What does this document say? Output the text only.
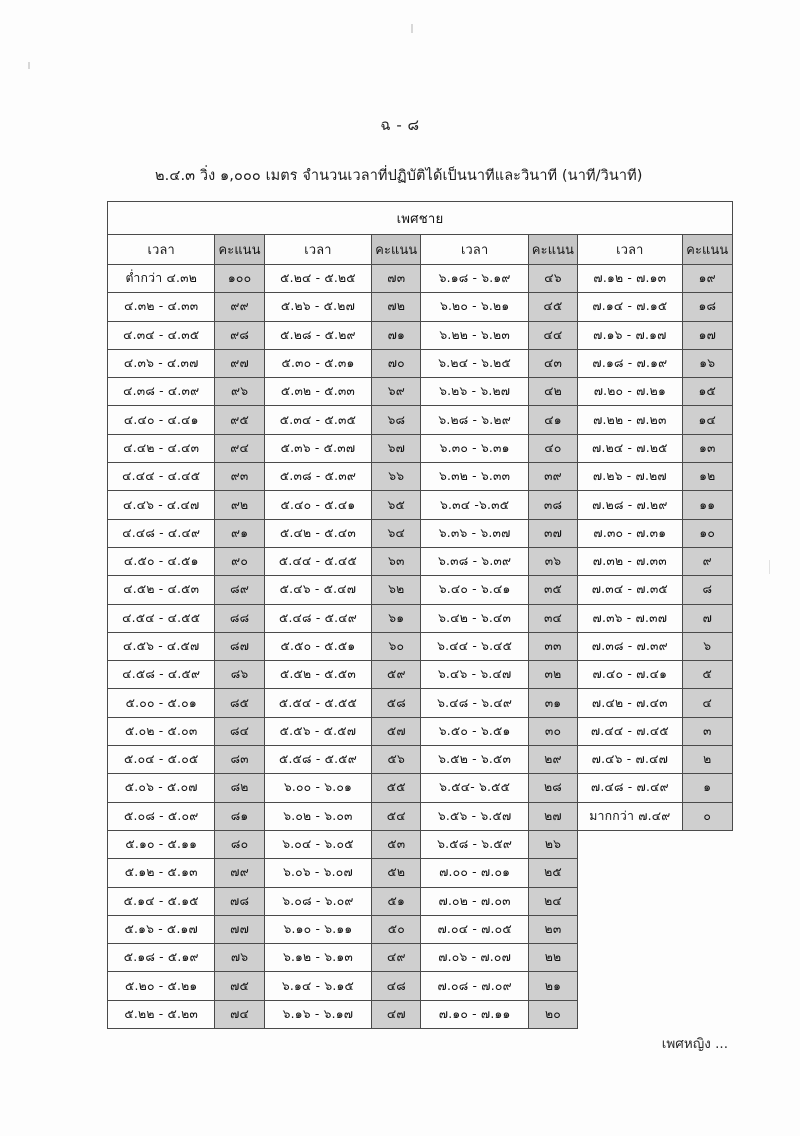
ฉ - ๘
๒.๔.๓ วิ่ง ๑,๐๐๐ เมตร จำนวนเวลาที่ปฏิบัติได้เป็นนาทีและวินาที (นาที/วินาที)
เพศชาย							
เวลา	คะแนน	เวลา	คะแนน	เวลา	คะแนน	เวลา	คะแนน
ต่ำกว่า ๔.๓๒	๑๐๐	๕.๒๔ - ๕.๒๕	๗๓	๖.๑๘ - ๖.๑๙	๔๖	๗.๑๒ - ๗.๑๓	๑๙
๔.๓๒ - ๔.๓๓	๙๙	๕.๒๖ - ๕.๒๗	๗๒	๖.๒๐ - ๖.๒๑	๔๕	๗.๑๔ - ๗.๑๕	๑๘
๔.๓๔ - ๔.๓๕	๙๘	๕.๒๘ - ๕.๒๙	๗๑	๖.๒๒ - ๖.๒๓	๔๔	๗.๑๖ - ๗.๑๗	๑๗
๔.๓๖ - ๔.๓๗	๙๗	๕.๓๐ - ๕.๓๑	๗๐	๖.๒๔ - ๖.๒๕	๔๓	๗.๑๘ - ๗.๑๙	๑๖
๔.๓๘ - ๔.๓๙	๙๖	๕.๓๒ - ๕.๓๓	๖๙	๖.๒๖ - ๖.๒๗	๔๒	๗.๒๐ - ๗.๒๑	๑๕
๔.๔๐ - ๔.๔๑	๙๕	๕.๓๔ - ๕.๓๕	๖๘	๖.๒๘ - ๖.๒๙	๔๑	๗.๒๒ - ๗.๒๓	๑๔
๔.๔๒ - ๔.๔๓	๙๔	๕.๓๖ - ๕.๓๗	๖๗	๖.๓๐ - ๖.๓๑	๔๐	๗.๒๔ - ๗.๒๕	๑๓
๔.๔๔ - ๔.๔๕	๙๓	๕.๓๘ - ๕.๓๙	๖๖	๖.๓๒ - ๖.๓๓	๓๙	๗.๒๖ - ๗.๒๗	๑๒
๔.๔๖ - ๔.๔๗	๙๒	๕.๔๐ - ๕.๔๑	๖๕	๖.๓๔ -๖.๓๕	๓๘	๗.๒๘ - ๗.๒๙	๑๑
๔.๔๘ - ๔.๔๙	๙๑	๕.๔๒ - ๕.๔๓	๖๔	๖.๓๖ - ๖.๓๗	๓๗	๗.๓๐ - ๗.๓๑	๑๐
๔.๕๐ - ๔.๕๑	๙๐	๕.๔๔ - ๕.๔๕	๖๓	๖.๓๘ - ๖.๓๙	๓๖	๗.๓๒ - ๗.๓๓	๙
๔.๕๒ - ๔.๕๓	๘๙	๕.๔๖ - ๕.๔๗	๖๒	๖.๔๐ - ๖.๔๑	๓๕	๗.๓๔ - ๗.๓๕	๘
๔.๕๔ - ๔.๕๕	๘๘	๕.๔๘ - ๕.๔๙	๖๑	๖.๔๒ - ๖.๔๓	๓๔	๗.๓๖ - ๗.๓๗	๗
๔.๕๖ - ๔.๕๗	๘๗	๕.๕๐ - ๕.๕๑	๖๐	๖.๔๔ - ๖.๔๕	๓๓	๗.๓๘ - ๗.๓๙	๖
๔.๕๘ - ๔.๕๙	๘๖	๕.๕๒ - ๕.๕๓	๕๙	๖.๔๖ - ๖.๔๗	๓๒	๗.๔๐ - ๗.๔๑	๕
๕.๐๐ - ๕.๐๑	๘๕	๕.๕๔ - ๕.๕๕	๕๘	๖.๔๘ - ๖.๔๙	๓๑	๗.๔๒ - ๗.๔๓	๔
๕.๐๒ - ๕.๐๓	๘๔	๕.๕๖ - ๕.๕๗	๕๗	๖.๕๐ - ๖.๕๑	๓๐	๗.๔๔ - ๗.๔๕	๓
๕.๐๔ - ๕.๐๕	๘๓	๕.๕๘ - ๕.๕๙	๕๖	๖.๕๒ - ๖.๕๓	๒๙	๗.๔๖ - ๗.๔๗	๒
๕.๐๖ - ๕.๐๗	๘๒	๖.๐๐ - ๖.๐๑	๕๕	๖.๕๔- ๖.๕๕	๒๘	๗.๔๘ - ๗.๔๙	๑
๕.๐๘ - ๕.๐๙	๘๑	๖.๐๒ - ๖.๐๓	๕๔	๖.๕๖ - ๖.๕๗	๒๗	มากกว่า ๗.๔๙	๐
๕.๑๐ - ๕.๑๑	๘๐	๖.๐๔ - ๖.๐๕	๕๓	๖.๕๘ - ๖.๕๙	๒๖		
๕.๑๒ - ๕.๑๓	๗๙	๖.๐๖ - ๖.๐๗	๕๒	๗.๐๐ - ๗.๐๑	๒๕		
๕.๑๔ - ๕.๑๕	๗๘	๖.๐๘ - ๖.๐๙	๕๑	๗.๐๒ - ๗.๐๓	๒๔		
๕.๑๖ - ๕.๑๗	๗๗	๖.๑๐ - ๖.๑๑	๕๐	๗.๐๔ - ๗.๐๕	๒๓		
๕.๑๘ - ๕.๑๙	๗๖	๖.๑๒ - ๖.๑๓	๔๙	๗.๐๖ - ๗.๐๗	๒๒		
๕.๒๐ - ๕.๒๑	๗๕	๖.๑๔ - ๖.๑๕	๔๘	๗.๐๘ - ๗.๐๙	๒๑		
๕.๒๒ - ๕.๒๓	๗๔	๖.๑๖ - ๖.๑๗	๔๗	๗.๑๐ - ๗.๑๑	๒๐		
เพศหญิง ...
